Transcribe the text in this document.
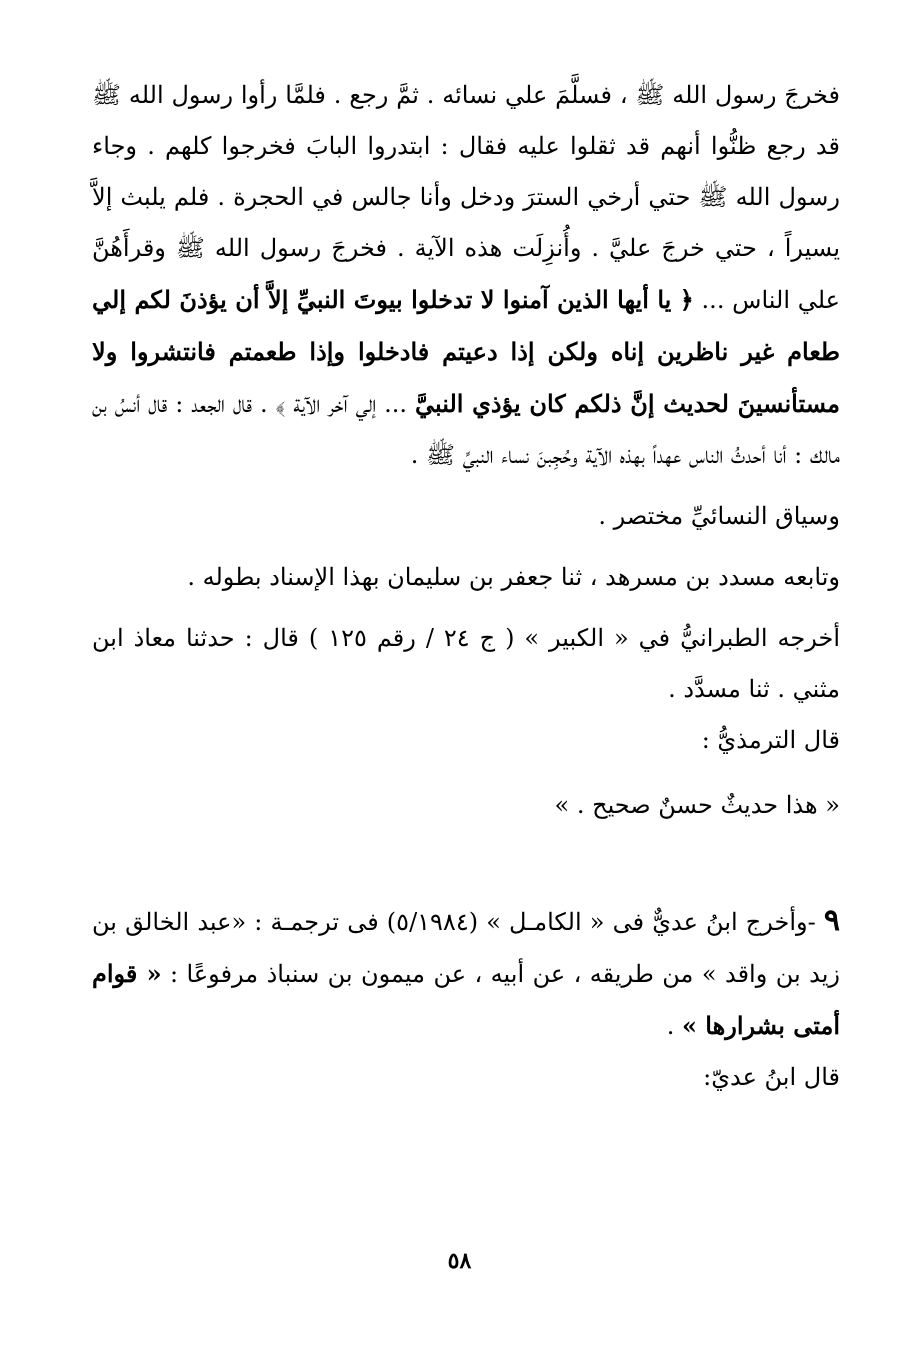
فخرجَ رسول الله ﷺ ، فسلَّمَ علي نسائه . ثمَّ رجع . فلمَّا رأوا رسول الله ﷺ قد رجع ظنُّوا أنهم قد ثقلوا عليه فقال : ابتدروا البابَ فخرجوا كلهم . وجاء رسول الله ﷺ حتي أرخي السترَ ودخل وأنا جالس في الحجرة . فلم يلبث إلاَّ يسيراً ، حتي خرجَ عليَّ . وأُنزِلَت هذه الآية . فخرجَ رسول الله ﷺ وقرأَهُنَّ علي الناس ... ﴿ يا أيها الذين آمنوا لا تدخلوا بيوتَ النبيِّ إلاَّ أن يؤذنَ لكم إلي طعام غير ناظرين إناه ولكن إذا دعيتم فادخلوا وإذا طعمتم فانتشروا ولا مستأنسينَ لحديث إنَّ ذلكم كان يؤذي النبيَّ ... إلي آخر الآية ﴾ . قال الجعد : قال أنسُ بن مالك : أنا أحدثُ الناس عهداً بهذه الآية وحُجِبنَ نساء النبيِّ ﷺ .

وسياق النسائيِّ مختصر .

وتابعه مسدد بن مسرهد ، ثنا جعفر بن سليمان بهذا الإسناد بطوله .

أخرجه الطبرانيُّ في « الكبير » ( ج ٢٤ / رقم ١٢٥ ) قال : حدثنا معاذ ابن مثني . ثنا مسدَّد .

قال الترمذيُّ :

« هذا حديثٌ حسنٌ صحيح . »

٩ -وأخرج ابنُ عديٌّ فى « الكامـل » (٥/١٩٨٤) فى ترجمـة : «عبد الخالق بن زيد بن واقد » من طريقه ، عن أبيه ، عن ميمون بن سنباذ مرفوعًا : « قوام أمتى بشرارها » .

قال ابنُ عديّ:

٥٨
